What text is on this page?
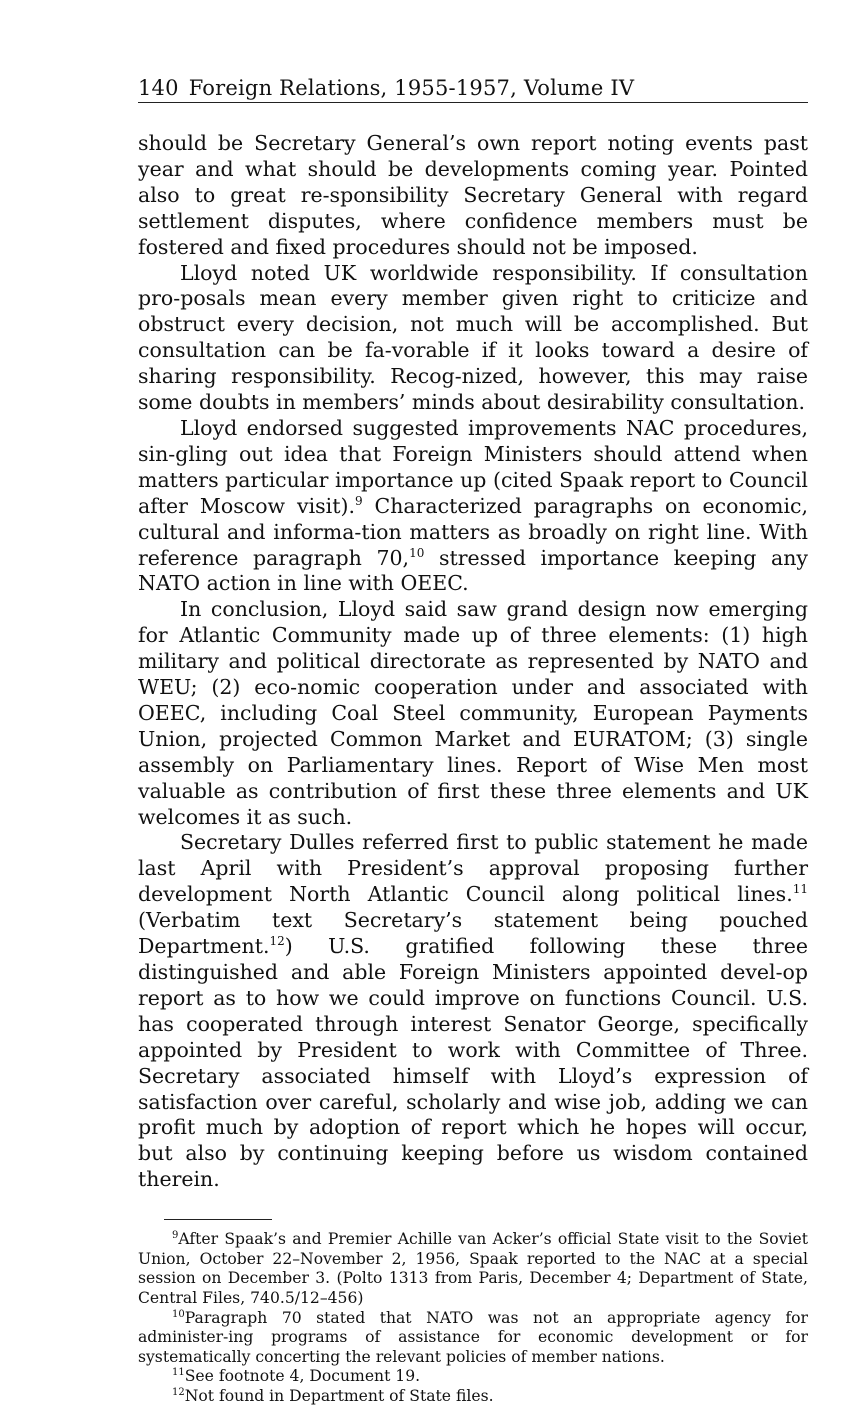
140 Foreign Relations, 1955-1957, Volume IV

should be Secretary General’s own report noting events past year and what should be developments coming year. Pointed also to great re-sponsibility Secretary General with regard settlement disputes, where confidence members must be fostered and fixed procedures should not be imposed.

Lloyd noted UK worldwide responsibility. If consultation pro-posals mean every member given right to criticize and obstruct every decision, not much will be accomplished. But consultation can be fa-vorable if it looks toward a desire of sharing responsibility. Recog-nized, however, this may raise some doubts in members’ minds about desirability consultation.

Lloyd endorsed suggested improvements NAC procedures, sin-gling out idea that Foreign Ministers should attend when matters particular importance up (cited Spaak report to Council after Moscow visit).$^9$ Characterized paragraphs on economic, cultural and informa-tion matters as broadly on right line. With reference paragraph 70,10 stressed importance keeping any NATO action in line with OEEC.

In conclusion, Lloyd said saw grand design now emerging for Atlantic Community made up of three elements: (1) high military and political directorate as represented by NATO and WEU; (2) eco-nomic cooperation under and associated with OEEC, including Coal Steel community, European Payments Union, projected Common Market and EURATOM; (3) single assembly on Parliamentary lines. Report of Wise Men most valuable as contribution of first these three elements and UK welcomes it as such.

Secretary Dulles referred first to public statement he made last April with President’s approval proposing further development North Atlantic Council along political lines.$^{11}$ (Verbatim text Secretary’s statement being pouched Department.$^{12}$) U.S. gratified following these three distinguished and able Foreign Ministers appointed devel-op report as to how we could improve on functions Council. U.S. has cooperated through interest Senator George, specifically appointed by President to work with Committee of Three. Secretary associated himself with Lloyd’s expression of satisfaction over careful, scholarly and wise job, adding we can profit much by adoption of report which he hopes will occur, but also by continuing keeping before us wisdom contained therein.

$^9$After Spaak’s and Premier Achille van Acker’s official State visit to the Soviet Union, October 22–November 2, 1956, Spaak reported to the NAC at a special session on December 3. (Polto 1313 from Paris, December 4; Department of State, Central Files, 740.5/12–456)

$^{10}$Paragraph 70 stated that NATO was not an appropriate agency for administer-ing programs of assistance for economic development or for systematically concerting the relevant policies of member nations.

$^{11}$See footnote 4, Document 19.

$^{12}$Not found in Department of State files.
